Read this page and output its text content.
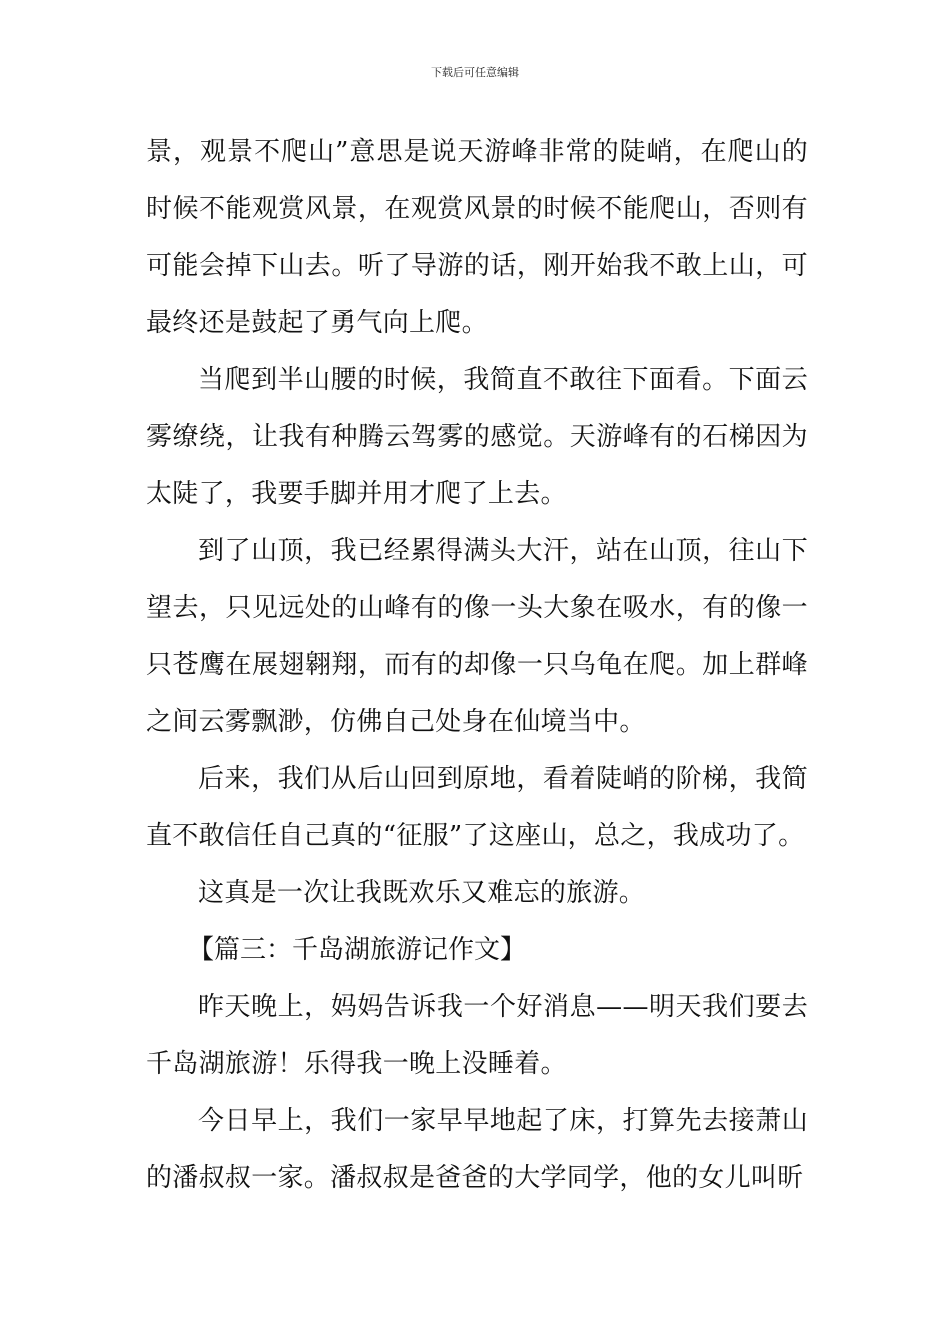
下载后可任意编辑

景，观景不爬山”意思是说天游峰非常的陡峭，在爬山的时候不能观赏风景，在观赏风景的时候不能爬山，否则有可能会掉下山去。听了导游的话，刚开始我不敢上山，可最终还是鼓起了勇气向上爬。

当爬到半山腰的时候，我简直不敢往下面看。下面云雾缭绕，让我有种腾云驾雾的感觉。天游峰有的石梯因为太陡了，我要手脚并用才爬了上去。

到了山顶，我已经累得满头大汗，站在山顶，往山下望去，只见远处的山峰有的像一头大象在吸水，有的像一只苍鹰在展翅翱翔，而有的却像一只乌龟在爬。加上群峰之间云雾飘渺，仿佛自己处身在仙境当中。

后来，我们从后山回到原地，看着陡峭的阶梯，我简直不敢信任自己真的“征服”了这座山，总之，我成功了。

这真是一次让我既欢乐又难忘的旅游。

【篇三：千岛湖旅游记作文】

昨天晚上，妈妈告诉我一个好消息——明天我们要去千岛湖旅游！乐得我一晚上没睡着。

今日早上，我们一家早早地起了床，打算先去接萧山的潘叔叔一家。潘叔叔是爸爸的大学同学，他的女儿叫昕
